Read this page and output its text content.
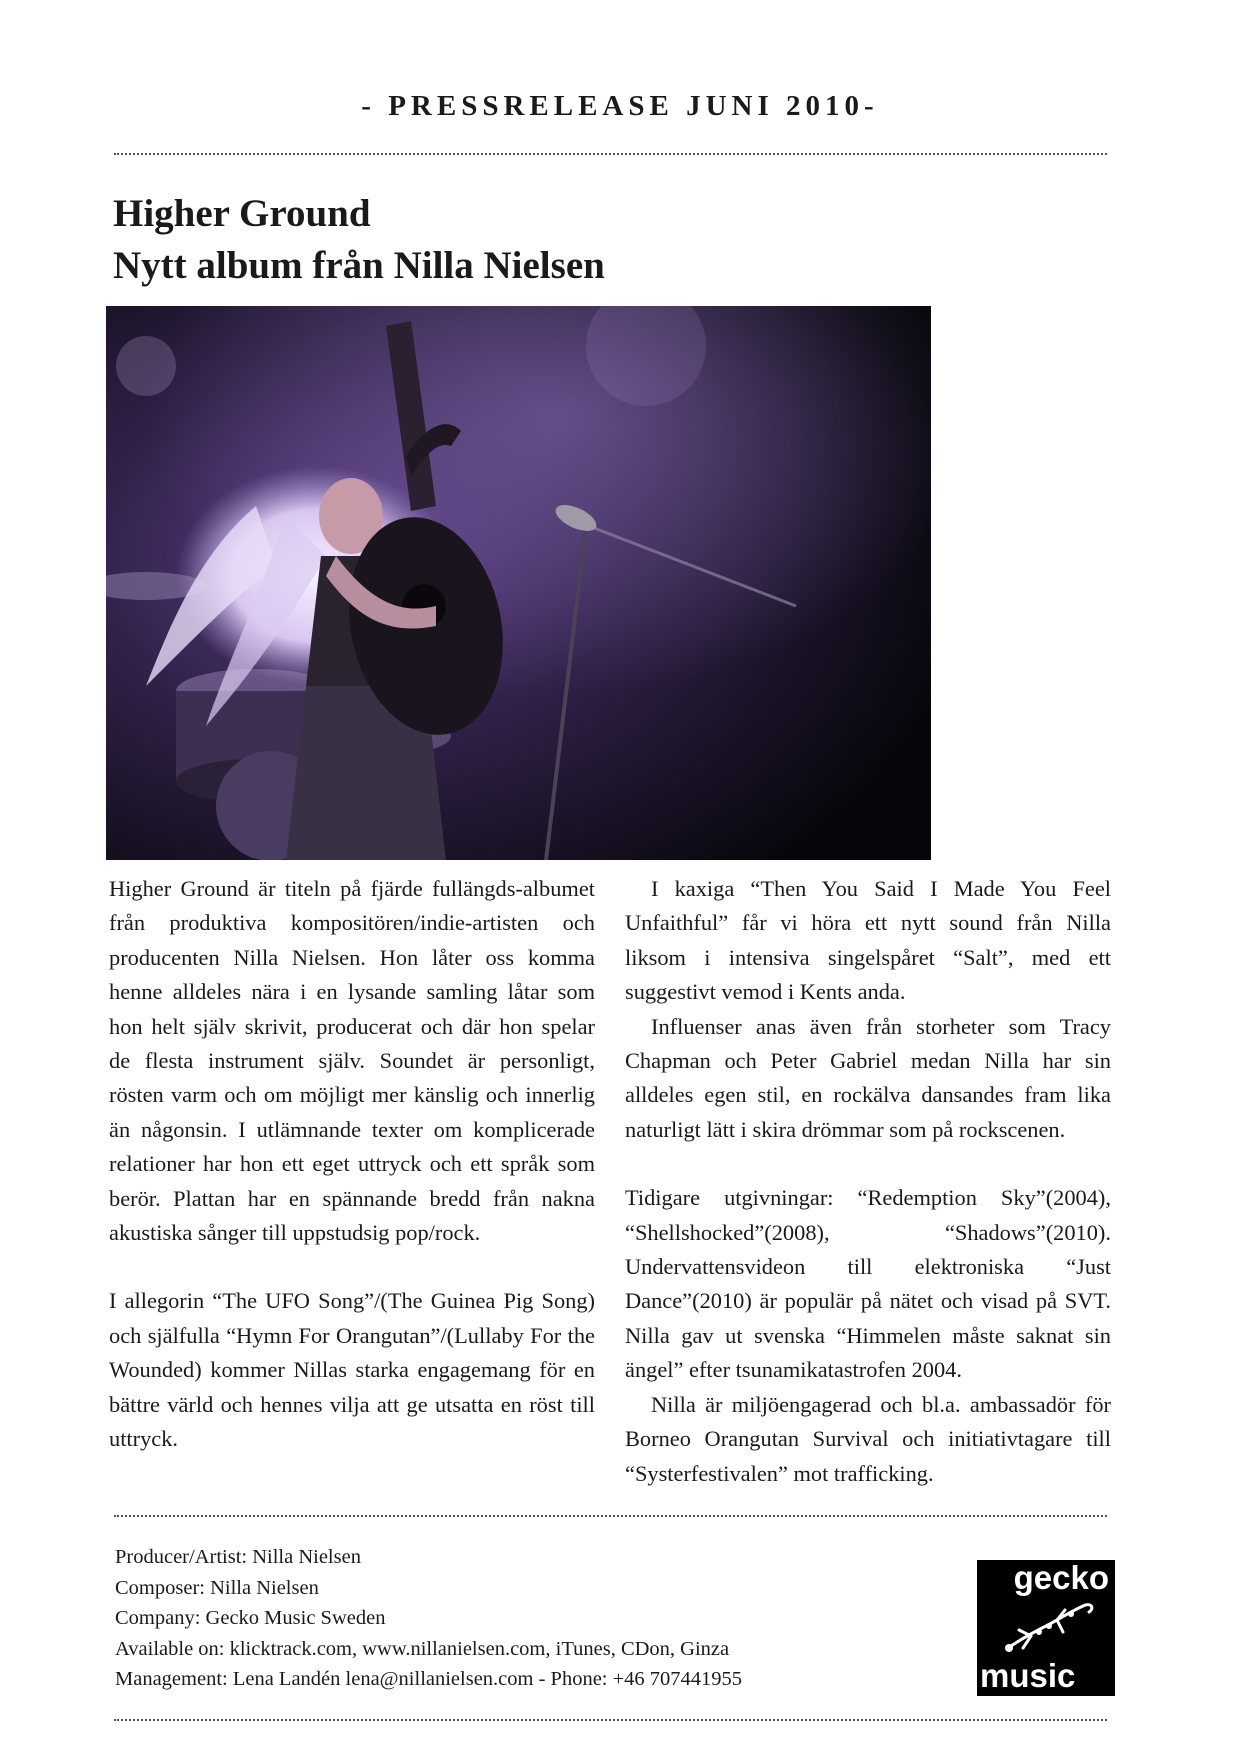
- PRESSRELEASE JUNI 2010-
Higher Ground
Nytt album från Nilla Nielsen

Higher Ground är titeln på fjärde fullängds-albumet från produktiva kompositören/indie-artisten och producenten Nilla Nielsen. Hon låter oss komma henne alldeles nära i en lysande samling låtar som hon helt själv skrivit, producerat och där hon spelar de flesta instrument själv. Soundet är personligt, rösten varm och om möjligt mer känslig och innerlig än någonsin. I utlämnande texter om komplicerade relationer har hon ett eget uttryck och ett språk som berör. Plattan har en spännande bredd från nakna akustiska sånger till uppstudsig pop/rock.

I allegorin “The UFO Song”/(The Guinea Pig Song) och själfulla “Hymn For Orangutan”/(Lullaby For the Wounded) kommer Nillas starka engagemang för en bättre värld och hennes vilja att ge utsatta en röst till uttryck.

I kaxiga “Then You Said I Made You Feel Unfaithful” får vi höra ett nytt sound från Nilla liksom i intensiva singelspåret “Salt”, med ett suggestivt vemod i Kents anda.

Influenser anas även från storheter som Tracy Chapman och Peter Gabriel medan Nilla har sin alldeles egen stil, en rockälva dansandes fram lika naturligt lätt i skira drömmar som på rockscenen.

Tidigare utgivningar: “Redemption Sky”(2004), “Shellshocked”(2008), “Shadows”(2010). Undervattensvideon till elektroniska “Just Dance”(2010) är populär på nätet och visad på SVT. Nilla gav ut svenska “Himmelen måste saknat sin ängel” efter tsunamikatastrofen 2004.

Nilla är miljöengagerad och bl.a. ambassadör för Borneo Orangutan Survival och initiativtagare till “Systerfestivalen” mot trafficking.

Producer/Artist: Nilla Nielsen
Composer: Nilla Nielsen
Company: Gecko Music Sweden
Available on: klicktrack.com, www.nillanielsen.com, iTunes, CDon, Ginza
Management: Lena Landén lena@nillanielsen.com - Phone: +46 707441955
gecko
music
